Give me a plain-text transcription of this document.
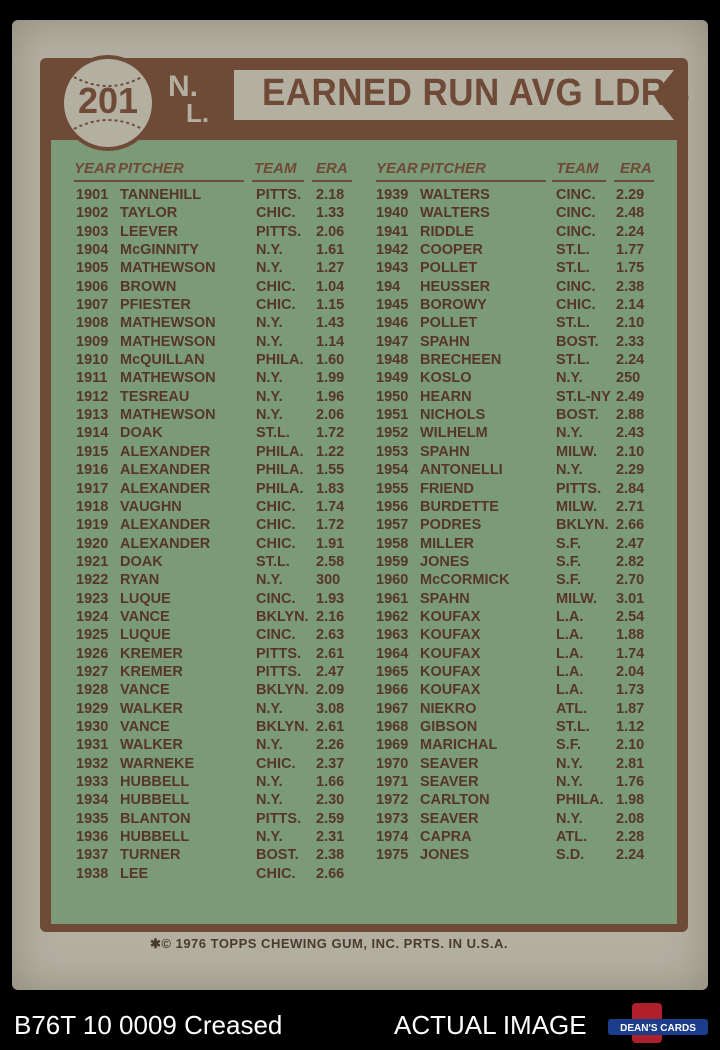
EARNED RUN AVG LDRS
N.
L.
201
YEAR PITCHER	TEAM ERA YEAR PITCHER	TEAM ERA
1901 TANNEHILL	PITTS. 2.18
1902 TAYLOR	CHIC. 1.33
1903 LEEVER	PITTS. 2.06
1904 McGINNITY	N.Y. 1.61
1905 MATHEWSON	N.Y. 1.27
1906 BROWN	CHIC. 1.04
1907 PFIESTER	CHIC. 1.15
1908 MATHEWSON	N.Y. 1.43
1909 MATHEWSON	N.Y. 1.14
1910 McQUILLAN	PHILA. 1.60
1911 MATHEWSON	N.Y. 1.99
1912 TESREAU	N.Y. 1.96
1913 MATHEWSON	N.Y. 2.06
1914 DOAK	ST.L. 1.72
1915 ALEXANDER	PHILA. 1.22
1916 ALEXANDER	PHILA. 1.55
1917 ALEXANDER	PHILA. 1.83
1918 VAUGHN	CHIC. 1.74
1919 ALEXANDER	CHIC. 1.72
1920 ALEXANDER	CHIC. 1.91
1921 DOAK	ST.L. 2.58
1922 RYAN	N.Y. 300
1923 LUQUE	CINC. 1.93
1924 VANCE	BKLYN. 2.16
1925 LUQUE	CINC. 2.63
1926 KREMER	PITTS. 2.61
1927 KREMER	PITTS. 2.47
1928 VANCE	BKLYN. 2.09
1929 WALKER	N.Y. 3.08
1930 VANCE	BKLYN. 2.61
1931 WALKER	N.Y. 2.26
1932 WARNEKE	CHIC. 2.37
1933 HUBBELL	N.Y. 1.66
1934 HUBBELL	N.Y. 2.30
1935 BLANTON	PITTS. 2.59
1936 HUBBELL	N.Y. 2.31
1937 TURNER	BOST. 2.38
1938 LEE	CHIC. 2.66
1939 WALTERS	CINC. 2.29
1940 WALTERS	CINC. 2.48
1941 RIDDLE	CINC. 2.24
1942 COOPER	ST.L. 1.77
1943 POLLET	ST.L. 1.75
194 HEUSSER	CINC. 2.38
1945 BOROWY	CHIC. 2.14
1946 POLLET	ST.L. 2.10
1947 SPAHN	BOST. 2.33
1948 BRECHEEN	ST.L. 2.24
1949 KOSLO	N.Y. 250
1950 HEARN	ST.L-NY 2.49
1951 NICHOLS	BOST. 2.88
1952 WILHELM	N.Y. 2.43
1953 SPAHN	MILW. 2.10
1954 ANTONELLI	N.Y. 2.29
1955 FRIEND	PITTS. 2.84
1956 BURDETTE	MILW. 2.71
1957 PODRES	BKLYN. 2.66
1958 MILLER	S.F. 2.47
1959 JONES	S.F. 2.82
1960 McCORMICK	S.F. 2.70
1961 SPAHN	MILW. 3.01
1962 KOUFAX	L.A. 2.54
1963 KOUFAX	L.A. 1.88
1964 KOUFAX	L.A. 1.74
1965 KOUFAX	L.A. 2.04
1966 KOUFAX	L.A. 1.73
1967 NIEKRO	ATL. 1.87
1968 GIBSON	ST.L. 1.12
1969 MARICHAL	S.F. 2.10
1970 SEAVER	N.Y. 2.81
1971 SEAVER	N.Y. 1.76
1972 CARLTON	PHILA. 1.98
1973 SEAVER	N.Y. 2.08
1974 CAPRA	ATL. 2.28
1975 JONES	S.D. 2.24
✱© 1976 TOPPS CHEWING GUM, INC. PRTS. IN U.S.A.
B76T 10 0009 Creased	ACTUAL IMAGE	DEAN'S CARDS
